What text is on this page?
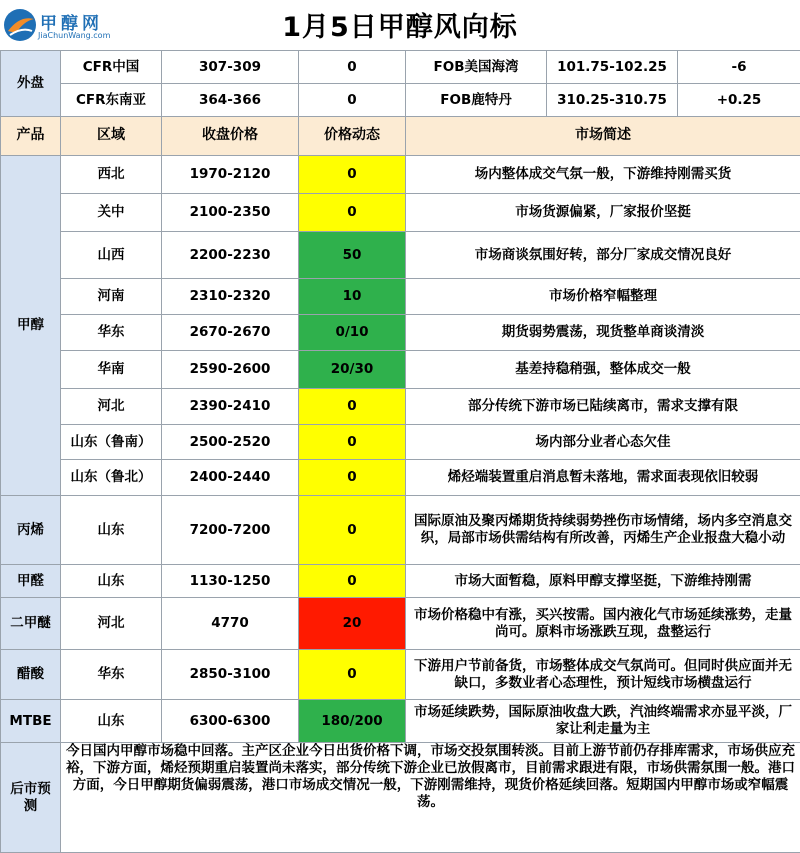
甲醇网
JiaChunWang.com	1月5日甲醇风向标
外盘	CFR中国	307-309	0	FOB美国海湾	101.75-102.25	-6
	CFR东南亚	364-366	0	FOB鹿特丹	310.25-310.75	+0.25
产品	区域	收盘价格	价格动态	市场简述		
甲醇	西北	1970-2120	0	场内整体成交气氛一般，下游维持刚需买货		
	关中	2100-2350	0	市场货源偏紧，厂家报价坚挺		
	山西	2200-2230	50	市场商谈氛围好转，部分厂家成交情况良好		
	河南	2310-2320	10	市场价格窄幅整理		
	华东	2670-2670	0/10	期货弱势震荡，现货整单商谈清淡		
	华南	2590-2600	20/30	基差持稳稍强，整体成交一般		
	河北	2390-2410	0	部分传统下游市场已陆续离市，需求支撑有限		
	山东（鲁南）	2500-2520	0	场内部分业者心态欠佳		
	山东（鲁北）	2400-2440	0	烯烃端装置重启消息暂未落地，需求面表现依旧较弱		
丙烯	山东	7200-7200	0	国际原油及聚丙烯期货持续弱势挫伤市场情绪，场内多空消息交织，局部市场供需结构有所改善，丙烯生产企业报盘大稳小动		
甲醛	山东	1130-1250	0	市场大面暂稳，原料甲醇支撑坚挺，下游维持刚需		
二甲醚	河北	4770	20	市场价格稳中有涨，买兴按需。国内液化气市场延续涨势，走量尚可。原料市场涨跌互现，盘整运行		
醋酸	华东	2850-3100	0	下游用户节前备货，市场整体成交气氛尚可。但同时供应面并无缺口，多数业者心态理性，预计短线市场横盘运行		
MTBE	山东	6300-6300	180/200	市场延续跌势，国际原油收盘大跌，汽油终端需求亦显平淡，厂家让利走量为主		
后市预测	今日国内甲醇市场稳中回落。主产区企业今日出货价格下调，市场交投氛围转淡。目前上游节前仍存排库需求，市场供应充裕，下游方面，烯烃预期重启装置尚未落实，部分传统下游企业已放假离市，目前需求跟进有限，市场供需氛围一般。港口方面，今日甲醇期货偏弱震荡，港口市场成交情况一般，下游刚需维持，现货价格延续回落。短期国内甲醇市场或窄幅震荡。					
